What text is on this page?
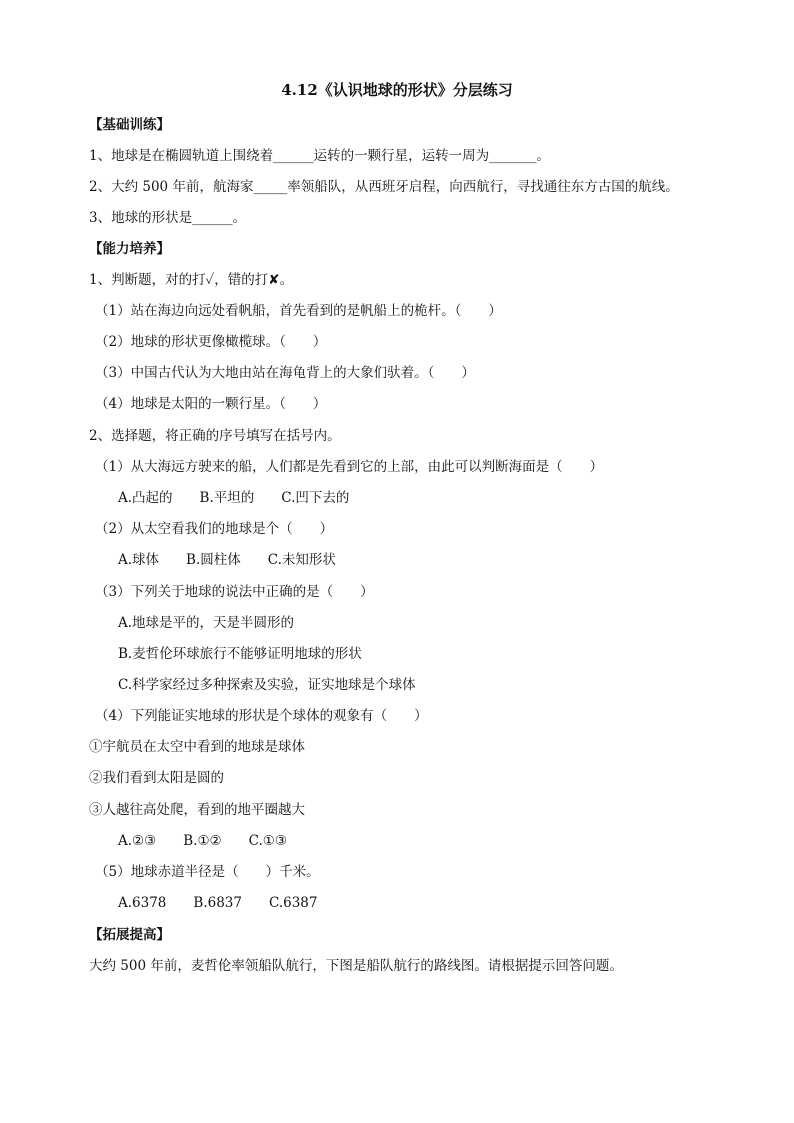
4.12《认识地球的形状》分层练习
【基础训练】
1、地球是在椭圆轨道上围绕着______运转的一颗行星，运转一周为_______。
2、大约 500 年前，航海家_____率领船队，从西班牙启程，向西航行，寻找通往东方古国的航线。
3、地球的形状是______。
【能力培养】
1、判断题，对的打✓，错的打✘。
（1）站在海边向远处看帆船，首先看到的是帆船上的桅杆。（　　）
（2）地球的形状更像橄榄球。（　　）
（3）中国古代认为大地由站在海龟背上的大象们驮着。（　　）
（4）地球是太阳的一颗行星。（　　）
2、选择题，将正确的序号填写在括号内。
（1）从大海远方驶来的船，人们都是先看到它的上部，由此可以判断海面是（　　）
A.凸起的　　B.平坦的　　C.凹下去的
（2）从太空看我们的地球是个（　　）
A.球体　　B.圆柱体　　C.未知形状
（3）下列关于地球的说法中正确的是（　　）
A.地球是平的，天是半圆形的
B.麦哲伦环球旅行不能够证明地球的形状
C.科学家经过多种探索及实验，证实地球是个球体
（4）下列能证实地球的形状是个球体的观象有（　　）
①宇航员在太空中看到的地球是球体
②我们看到太阳是圆的
③人越往高处爬，看到的地平圈越大
A.②③　　B.①②　　C.①③
（5）地球赤道半径是（　　）千米。
A.6378　　B.6837　　C.6387
【拓展提高】
大约 500 年前，麦哲伦率领船队航行，下图是船队航行的路线图。请根据提示回答问题。
